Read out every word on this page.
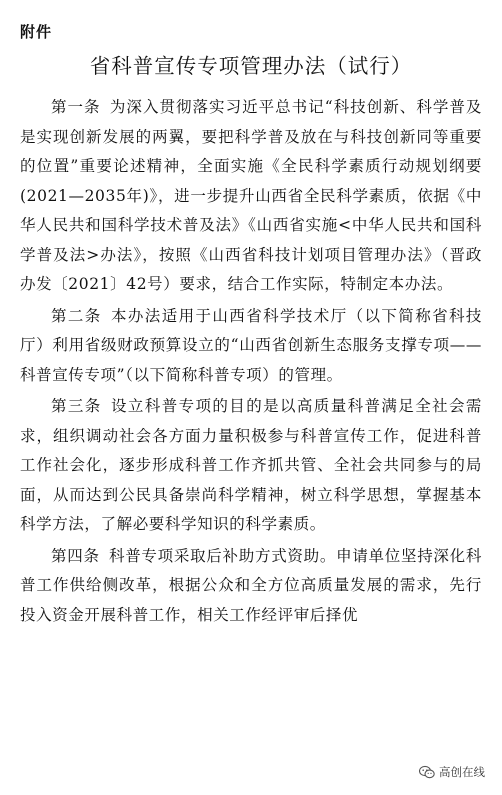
附件
省科普宣传专项管理办法（试行）

第一条 为深入贯彻落实习近平总书记“科技创新、科学普及是实现创新发展的两翼，要把科学普及放在与科技创新同等重要的位置”重要论述精神，全面实施《全民科学素质行动规划纲要(2021—2035年)》，进一步提升山西省全民科学素质，依据《中华人民共和国科学技术普及法》《山西省实施<中华人民共和国科学普及法>办法》，按照《山西省科技计划项目管理办法》（晋政办发〔2021〕42号）要求，结合工作实际，特制定本办法。

第二条 本办法适用于山西省科学技术厅（以下简称省科技厅）利用省级财政预算设立的“山西省创新生态服务支撑专项——科普宣传专项”（以下简称科普专项）的管理。

第三条 设立科普专项的目的是以高质量科普满足全社会需求，组织调动社会各方面力量积极参与科普宣传工作，促进科普工作社会化，逐步形成科普工作齐抓共管、全社会共同参与的局面，从而达到公民具备崇尚科学精神，树立科学思想，掌握基本科学方法，了解必要科学知识的科学素质。

第四条 科普专项采取后补助方式资助。申请单位坚持深化科普工作供给侧改革，根据公众和全方位高质量发展的需求，先行投入资金开展科普工作，相关工作经评审后择优

高创在线
